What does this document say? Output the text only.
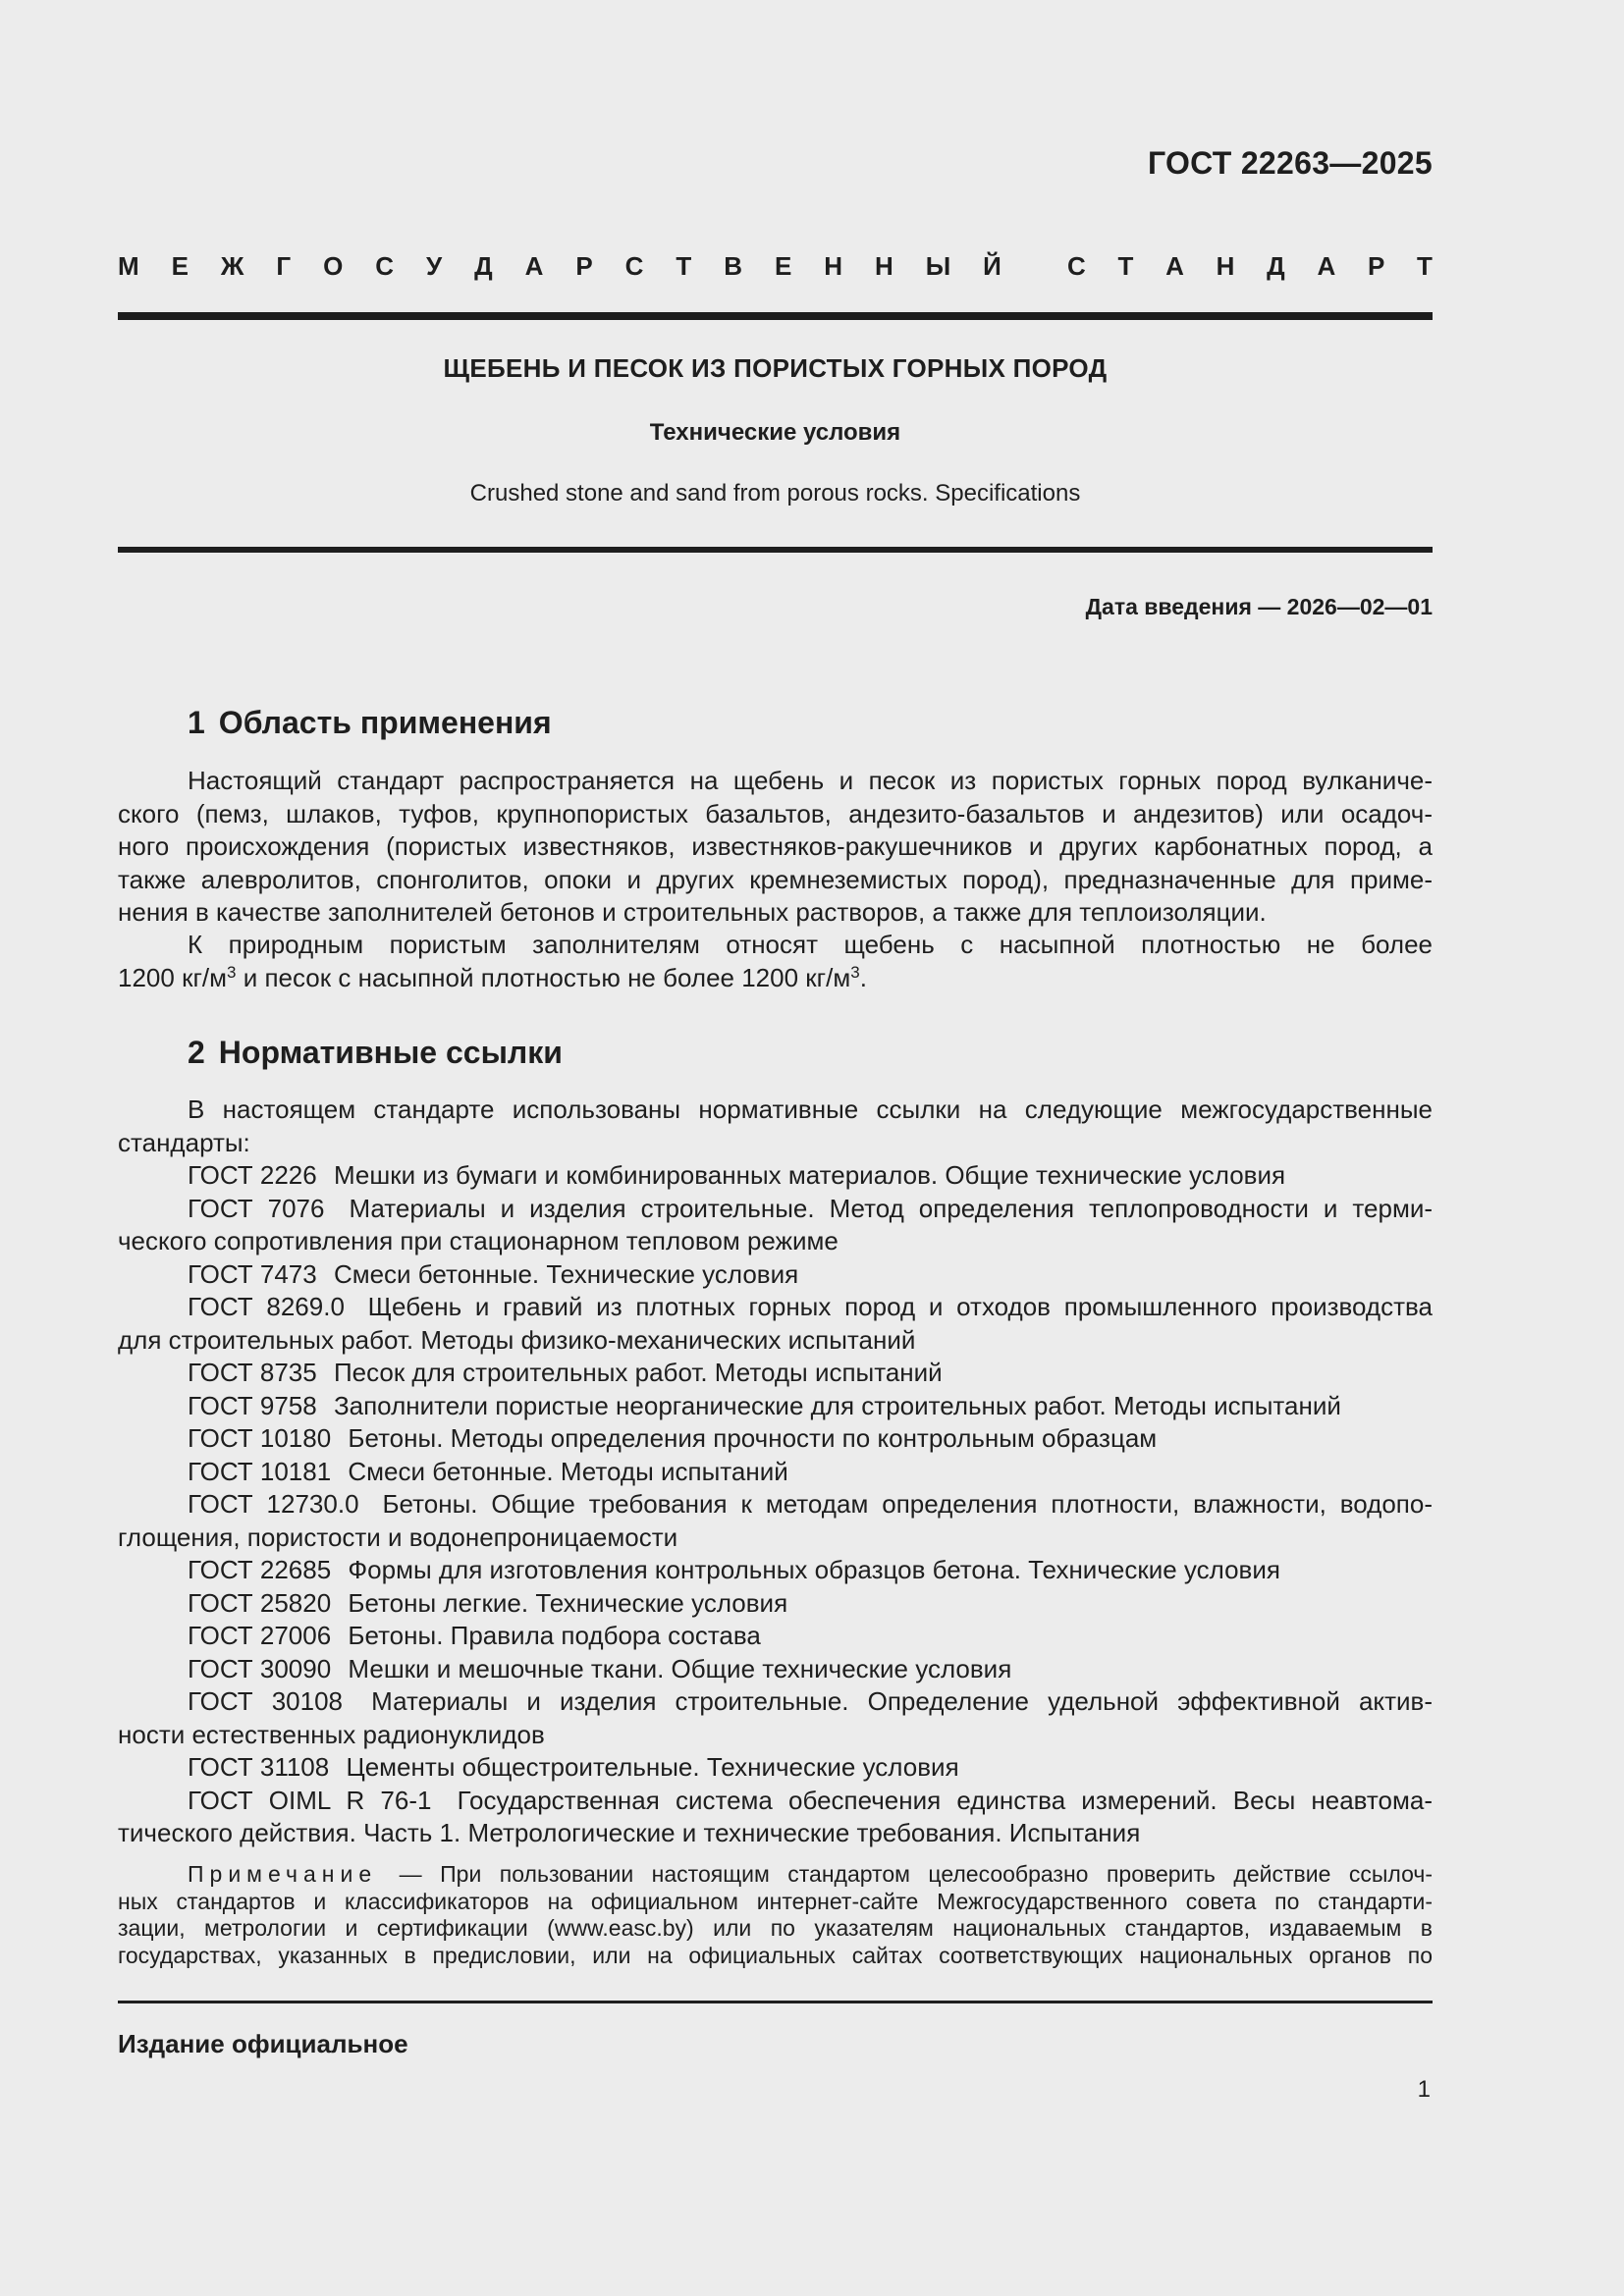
ГОСТ 22263—2025
М Е Ж Г О С У Д А Р С Т В Е Н Н Ы Й	С Т А Н Д А Р Т
ЩЕБЕНЬ И ПЕСОК ИЗ ПОРИСТЫХ ГОРНЫХ ПОРОД
Технические условия
Crushed stone and sand from porous rocks. Specifications
Дата введения — 2026—02—01
1 Область применения
Настоящий стандарт распространяется на щебень и песок из пористых горных пород вулканиче-
ского (пемз, шлаков, туфов, крупнопористых базальтов, андезито-базальтов и андезитов) или осадоч-
ного происхождения (пористых известняков, известняков-ракушечников и других карбонатных пород, а
также алевролитов, спонголитов, опоки и других кремнеземистых пород), предназначенные для приме-
нения в качестве заполнителей бетонов и строительных растворов, а также для теплоизоляции.
К природным пористым заполнителям относят щебень с насыпной плотностью не более
1200 $кг/м^3$ и песок с насыпной плотностью не более 1200 $кг/м^3$.
2 Нормативные ссылки
В настоящем стандарте использованы нормативные ссылки на следующие межгосударственные
стандарты:
ГОСТ 2226 Мешки из бумаги и комбинированных материалов. Общие технические условия
ГОСТ 7076 Материалы и изделия строительные. Метод определения теплопроводности и терми-
ческого сопротивления при стационарном тепловом режиме
ГОСТ 7473 Смеси бетонные. Технические условия
ГОСТ 8269.0 Щебень и гравий из плотных горных пород и отходов промышленного производства
для строительных работ. Методы физико-механических испытаний
ГОСТ 8735 Песок для строительных работ. Методы испытаний
ГОСТ 9758 Заполнители пористые неорганические для строительных работ. Методы испытаний
ГОСТ 10180 Бетоны. Методы определения прочности по контрольным образцам
ГОСТ 10181 Смеси бетонные. Методы испытаний
ГОСТ 12730.0 Бетоны. Общие требования к методам определения плотности, влажности, водопо-
глощения, пористости и водонепроницаемости
ГОСТ 22685 Формы для изготовления контрольных образцов бетона. Технические условия
ГОСТ 25820 Бетоны легкие. Технические условия
ГОСТ 27006 Бетоны. Правила подбора состава
ГОСТ 30090 Мешки и мешочные ткани. Общие технические условия
ГОСТ 30108 Материалы и изделия строительные. Определение удельной эффективной актив-
ности естественных радионуклидов
ГОСТ 31108 Цементы общестроительные. Технические условия
ГОСТ OIML R 76-1 Государственная система обеспечения единства измерений. Весы неавтома-
тического действия. Часть 1. Метрологические и технические требования. Испытания
Примечание — При пользовании настоящим стандартом целесообразно проверить действие ссылоч-
ных стандартов и классификаторов на официальном интернет-сайте Межгосударственного совета по стандарти-
зации, метрологии и сертификации (www.easc.by) или по указателям национальных стандартов, издаваемым в
государствах, указанных в предисловии, или на официальных сайтах соответствующих национальных органов по
Издание официальное
1
